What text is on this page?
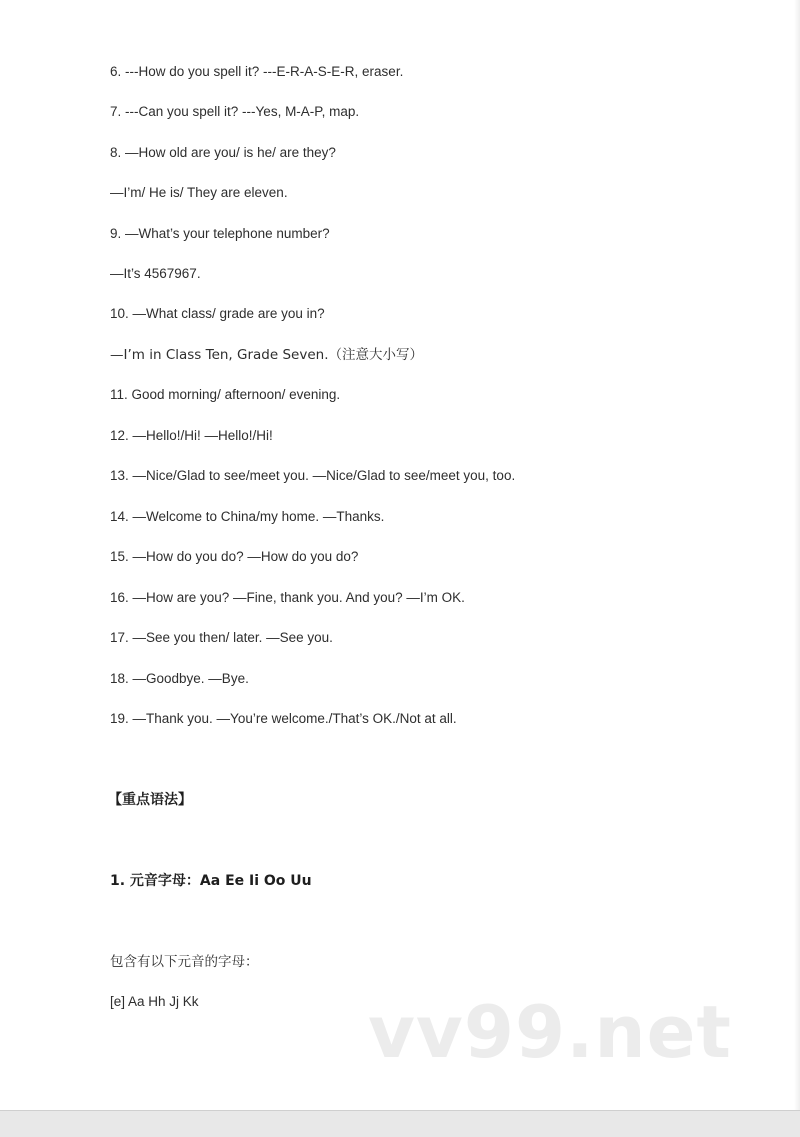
6. ---How do you spell it? ---E-R-A-S-E-R, eraser.
7. ---Can you spell it? ---Yes, M-A-P, map.
8. —How old are you/ is he/ are they?
—I’m/ He is/ They are eleven.
9. —What’s your telephone number?
—It’s 4567967.
10. —What class/ grade are you in?
—I’m in Class Ten, Grade Seven.（注意大小写）
11. Good morning/ afternoon/ evening.
12. —Hello!/Hi! —Hello!/Hi!
13. —Nice/Glad to see/meet you. —Nice/Glad to see/meet you, too.
14. —Welcome to China/my home. —Thanks.
15. —How do you do? —How do you do?
16. —How are you? —Fine, thank you. And you? —I’m OK.
17. —See you then/ later. —See you.
18. —Goodbye. —Bye.
19. —Thank you. —You’re welcome./That’s OK./Not at all.
【重点语法】
1. 元音字母：Aa Ee Ii Oo Uu
包含有以下元音的字母：
[e] Aa Hh Jj Kk vv99.net
